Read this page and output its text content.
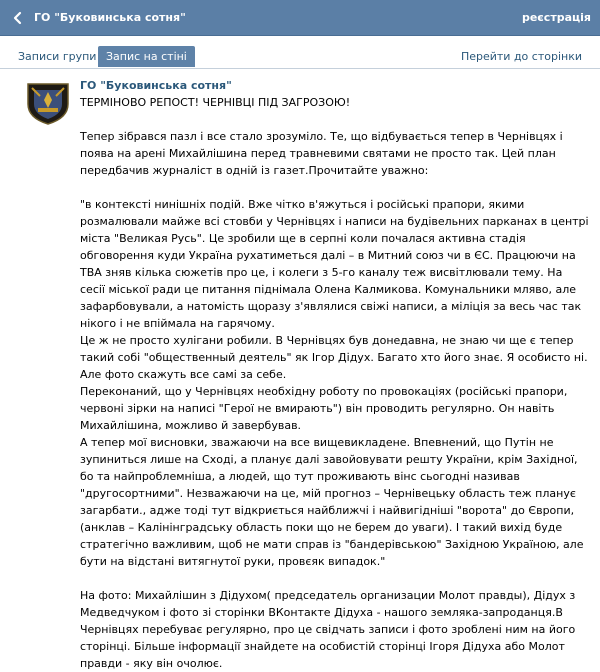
ГО "Буковинська сотня"	реєстрація
Записи групи Запис на стіні	Перейти до сторінки
ГО "Буковинська сотня"

ТЕРМІНОВО РЕПОСТ! ЧЕРНІВЦІ ПІД ЗАГРОЗОЮ!

Тепер зібрався пазл і все стало зрозуміло. Те, що відбувається тепер в Чернівцях і поява на арені Михайлішина перед травневими святами не просто так. Цей план передбачив журналіст в одній із газет.Прочитайте уважно:

"в контексті нинішніх подій. Вже чітко в'яжуться і російські прапори, якими розмалювали майже всі стовби у Чернівцях і написи на будівельних парканах в центрі міста "Великая Русь". Це зробили ще в серпні коли почалася активна стадія обговорення куди Україна рухатиметься далі – в Митний союз чи в ЄС. Працюючи на ТВА зняв кілька сюжетів про це, і колеги з 5-го каналу теж висвітлювали тему. На сесії міської ради це питання піднімала Олена Калмикова. Комунальники мляво, але зафарбовували, а натомість щоразу з'являлися свіжі написи, а міліція за весь час так нікого і не впіймала на гарячому.

Це ж не просто хулігани робили. В Чернівцях був донедавна, не знаю чи ще є тепер такий собі "общественный деятель" як Ігор Дідух. Багато хто його знає. Я особисто ні. Але фото скажуть все самі за себе.

Переконаний, що у Чернівцях необхідну роботу по провокаціях (російські прапори, червоні зірки на написі "Герої не вмирають") він проводить регулярно. Он навіть Михайлішина, можливо й завербував.

А тепер мої висновки, зважаючи на все вищевикладене. Впевнений, що Путін не зупиниться лише на Сході, а планує далі завойовувати решту України, крім Західної, бо та найпроблемніша, а людей, що тут проживають вінс сьогодні називав "другосортними". Незважаючи на це, мій прогноз – Чернівецьку область теж планує загарбати., адже тоді тут відкриється найближчі і найвигідніші "ворота" до Європи, (анклав – Калінінградську область поки що не берем до уваги). І такий вихід буде стратегічно важливим, щоб не мати справ із "бандерівською" Західною Україною, але бути на відстані витягнутої руки, провєяк випадок."

На фото: Михайлішин з Дідухом( председатель организации Молот правды), Дідух з Медведчуком і фото зі сторінки ВКонтакте Дідуха - нашого земляка-запроданця.В Чернівцях перебуває регулярно, про це свідчать записи і фото зроблені ним на його сторінці. Більше інформації знайдете на особистій сторінці Ігоря Дідуха або Молот правди - яку він очолює.
